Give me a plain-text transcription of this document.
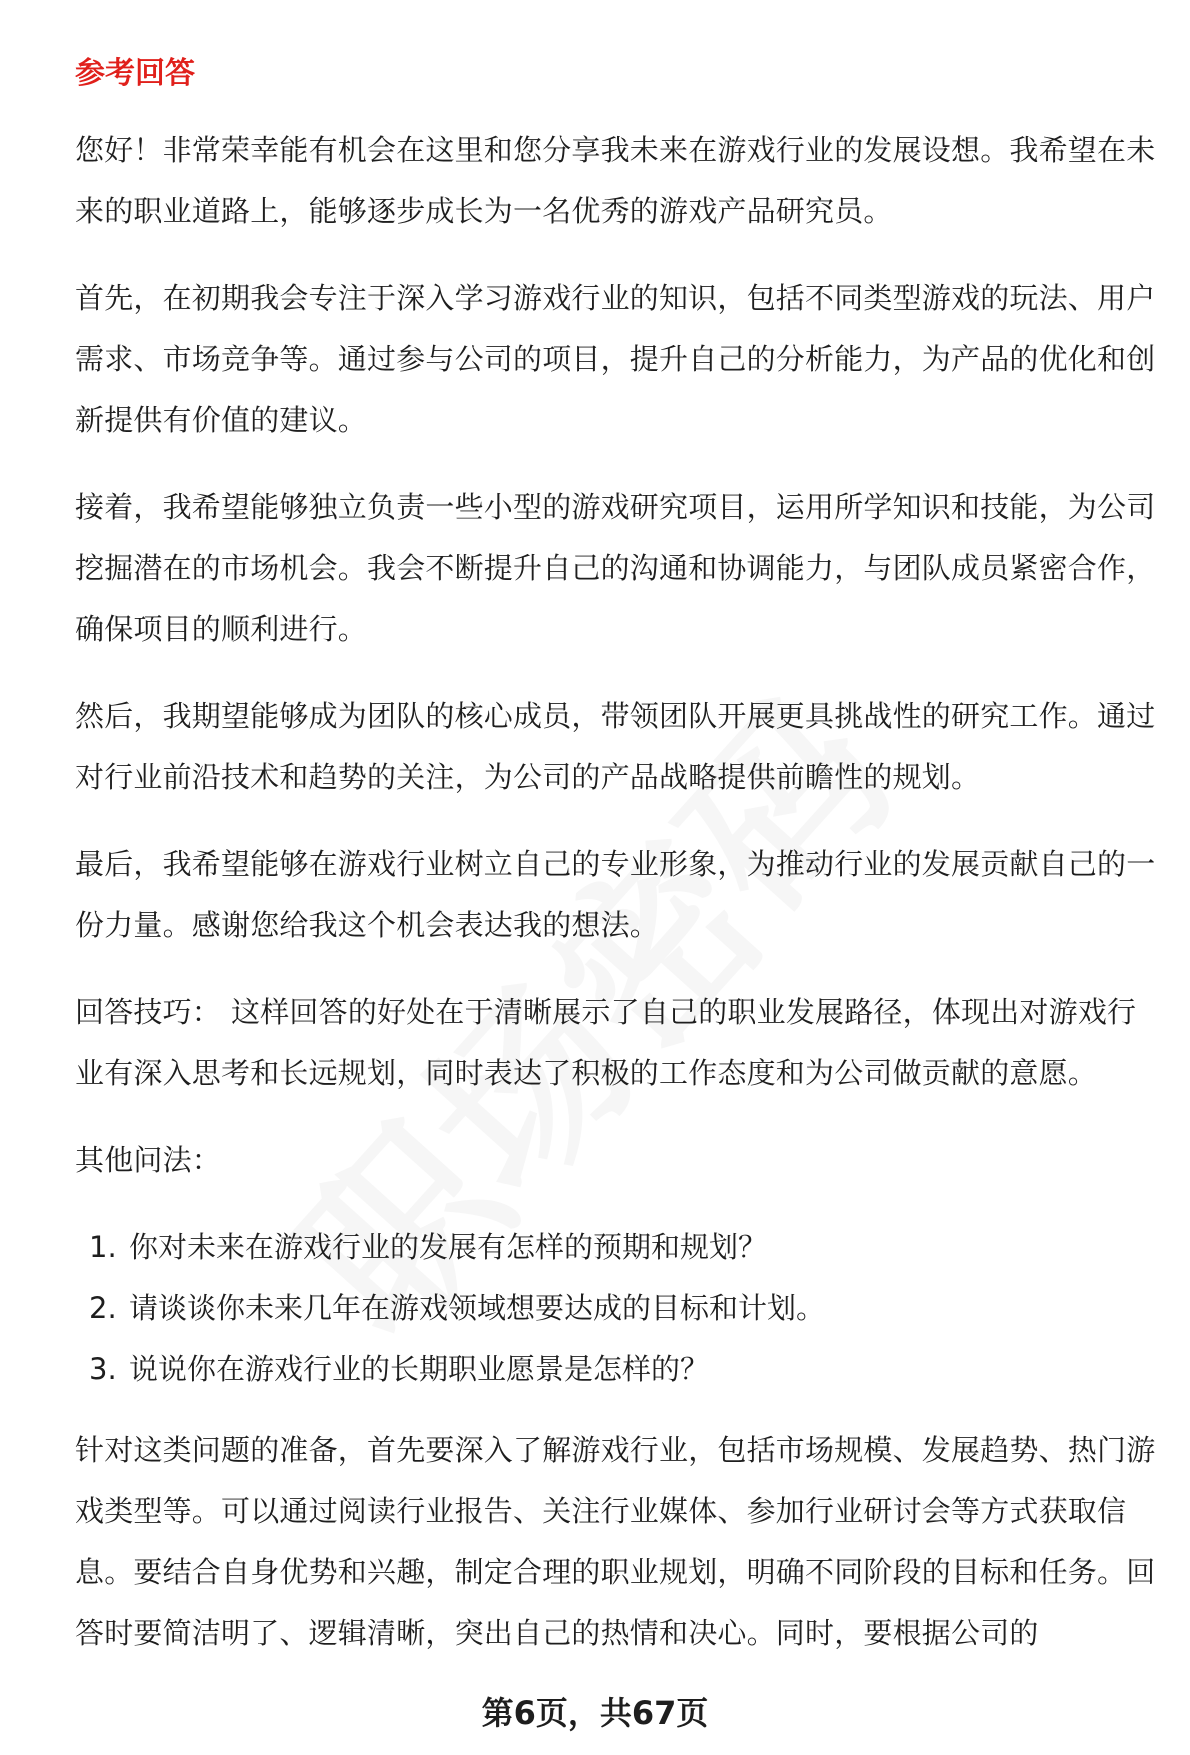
参考回答

您好！非常荣幸能有机会在这里和您分享我未来在游戏行业的发展设想。我希望在未来的职业道路上，能够逐步成长为一名优秀的游戏产品研究员。

首先，在初期我会专注于深入学习游戏行业的知识，包括不同类型游戏的玩法、用户需求、市场竞争等。通过参与公司的项目，提升自己的分析能力，为产品的优化和创新提供有价值的建议。

接着，我希望能够独立负责一些小型的游戏研究项目，运用所学知识和技能，为公司挖掘潜在的市场机会。我会不断提升自己的沟通和协调能力，与团队成员紧密合作，确保项目的顺利进行。

然后，我期望能够成为团队的核心成员，带领团队开展更具挑战性的研究工作。通过对行业前沿技术和趋势的关注，为公司的产品战略提供前瞻性的规划。

最后，我希望能够在游戏行业树立自己的专业形象，为推动行业的发展贡献自己的一份力量。感谢您给我这个机会表达我的想法。

回答技巧： 这样回答的好处在于清晰展示了自己的职业发展路径，体现出对游戏行业有深入思考和长远规划，同时表达了积极的工作态度和为公司做贡献的意愿。

其他问法：

1. 你对未来在游戏行业的发展有怎样的预期和规划？
2. 请谈谈你未来几年在游戏领域想要达成的目标和计划。
3. 说说你在游戏行业的长期职业愿景是怎样的？

针对这类问题的准备，首先要深入了解游戏行业，包括市场规模、发展趋势、热门游戏类型等。可以通过阅读行业报告、关注行业媒体、参加行业研讨会等方式获取信息。要结合自身优势和兴趣，制定合理的职业规划，明确不同阶段的目标和任务。回答时要简洁明了、逻辑清晰，突出自己的热情和决心。同时，要根据公司的

第6页，共67页
